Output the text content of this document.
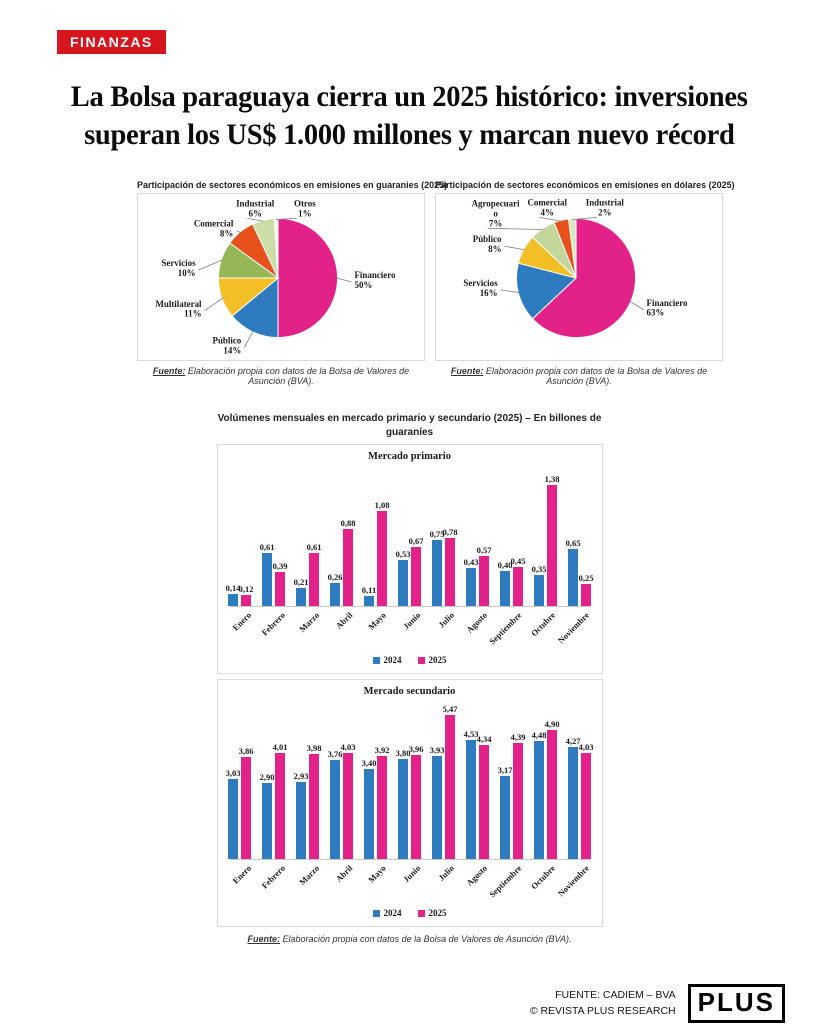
FINANZAS
La Bolsa paraguaya cierra un 2025 histórico: inversiones
superan los US$ 1.000 millones y marcan nuevo récord
Participación de sectores económicos en emisiones en guaranies (2025)
Financiero 50%
Público 14%
Multilateral 11%
Servicios 10%
Comercial 8%
Industrial 6%
Otros 1%
Fuente: Elaboración propia con datos de la Bolsa de Valores de Asunción (BVA).
Participación de sectores económicos en emisiones en dólares (2025)
Financiero 63%
Servicios 16%
Público 8%
Agropecuari o 7%
Comercial 4%
Industrial 2%
Fuente: Elaboración propia con datos de la Bolsa de Valores de Asunción (BVA).
Volúmenes mensuales en mercado primario y secundario (2025) – En billones de guaraníes
Mercado primario
0,14
0,12
0,61
0,39
0,21
0,61
0,26
0,88
0,11
1,08
0,53
0,67
0,75
0,78
0,43
0,57
0,40
0,45
0,35
1,38
0,65
0,25
Enero Febrero Marzo Abril Mayo Junio Julio Agosto
Septiembre Octubre
Noviembre
2024	2025
Mercado secundario
3,03
3,86
2,90
4,01
2,93
3,98
3,76
4,03
3,40
3,92 3,80
3,96 3,93
5,47
4,53
4,34
3,17
4,39 4,48
4,90
4,27
4,03
Enero Febrero Marzo Abril Mayo Junio Julio Agosto
Septiembre Octubre
Noviembre
2024	2025
Fuente: Elaboración propia con datos de la Bolsa de Valores de Asunción (BVA).
FUENTE: CADIEM – BVA
© REVISTA PLUS RESEARCH PLUS
